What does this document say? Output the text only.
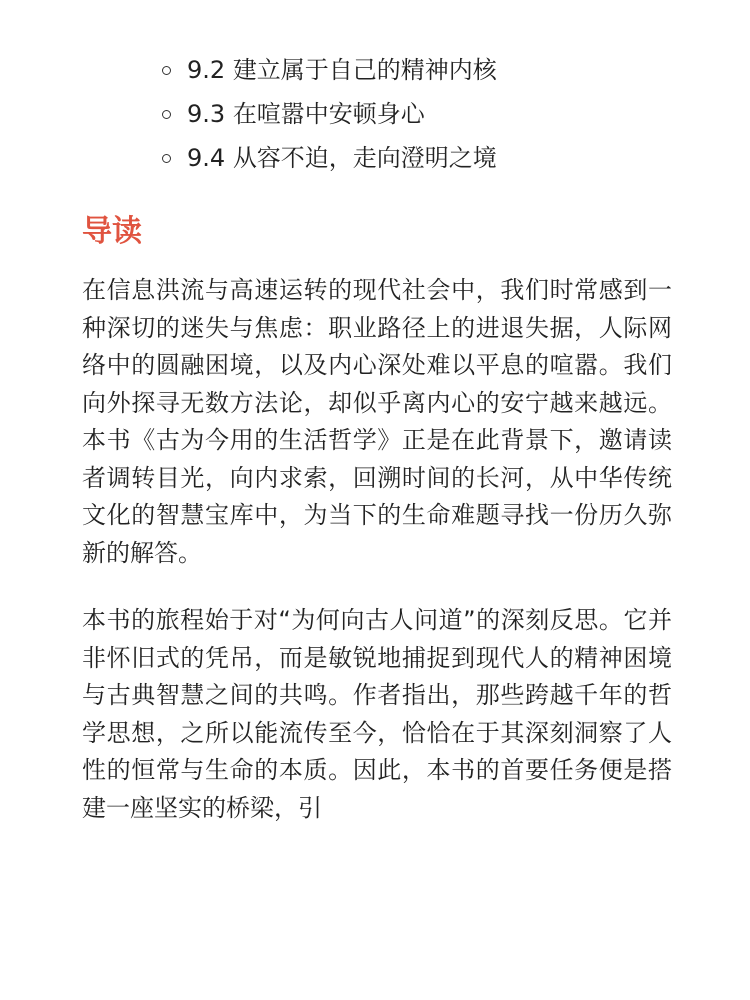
9.2
建立属于自己的精神内核
9.3
在喧嚣中安顿身心
9.4
从容不迫，走向澄明之境
导读

在信息洪流与高速运转的现代社会中，我们时常感到一种深切的迷失与焦虑：职业路径上的进退失据，人际网络中的圆融困境，以及内心深处难以平息的喧嚣。我们向外探寻无数方法论，却似乎离内心的安宁越来越远。本书《古为今用的生活哲学》正是在此背景下，邀请读者调转目光，向内求索，回溯时间的长河，从中华传统文化的智慧宝库中，为当下的生命难题寻找一份历久弥新的解答。

本书的旅程始于对“为何向古人问道”的深刻反思。它并非怀旧式的凭吊，而是敏锐地捕捉到现代人的精神困境与古典智慧之间的共鸣。作者指出，那些跨越千年的哲学思想，之所以能流传至今，恰恰在于其深刻洞察了人性的恒常与生命的本质。因此，本书的首要任务便是搭建一座坚实的桥梁，引
